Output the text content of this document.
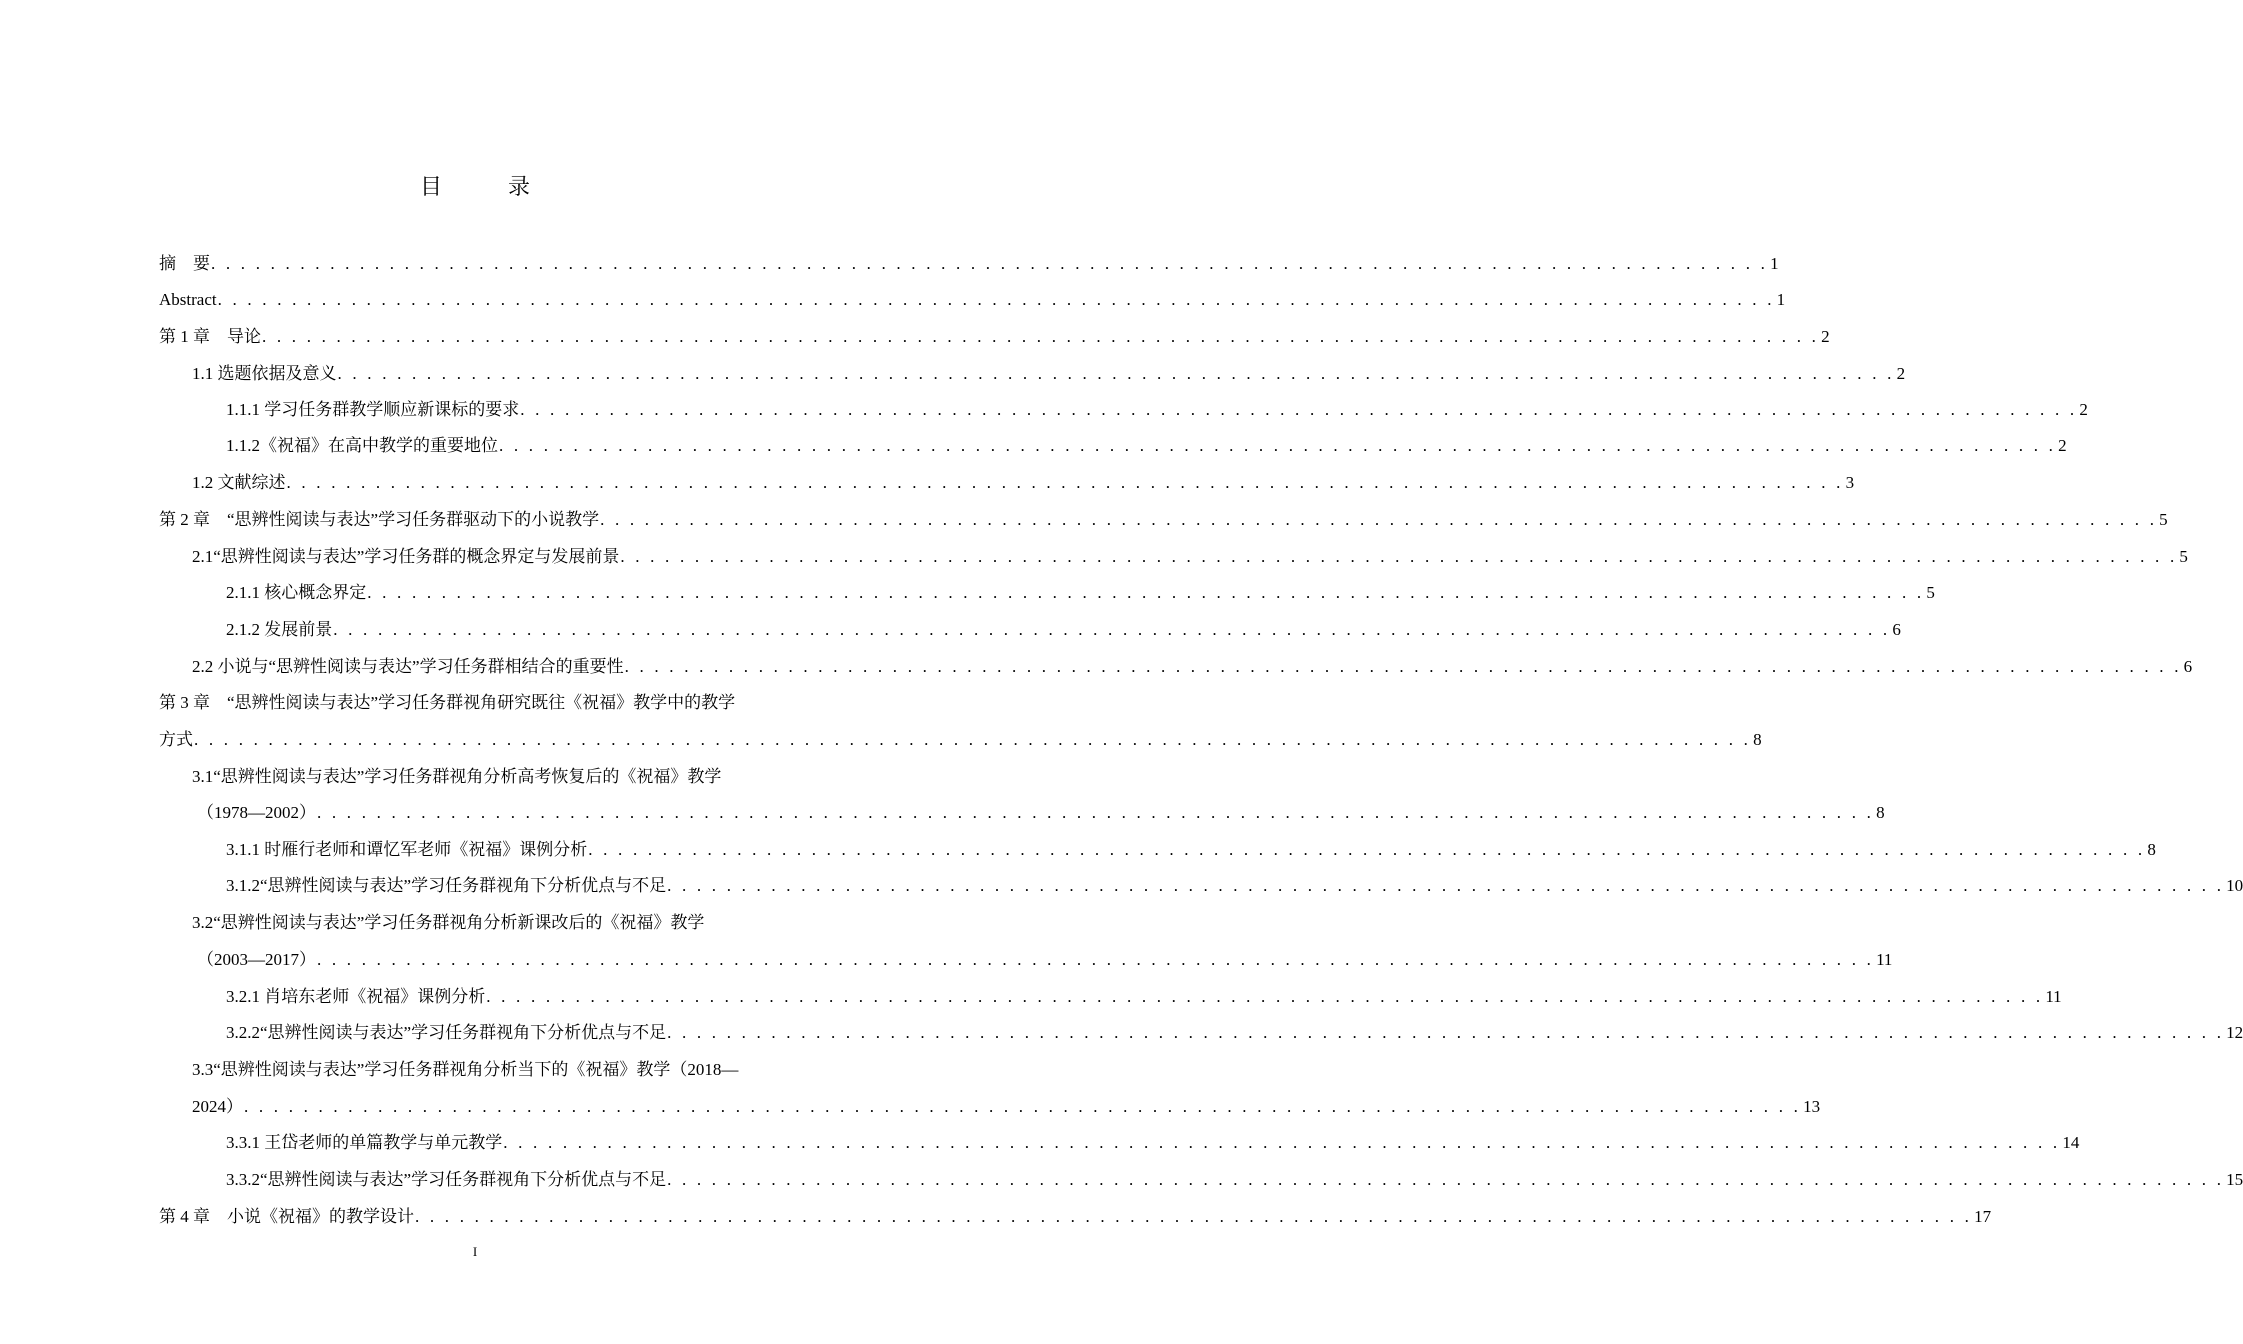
目　录
摘　要 . . . . . . . . . . . . . . . . . . . . . . . . . . . . . . . . . . . . . . . . . . . . . . . . . . . . . . . . . . . . . . . . . . . . . . . . . . . . . . . . . . . . . . . . . . . . . . . . . . . . . . . . . 1
Abstract . . . . . . . . . . . . . . . . . . . . . . . . . . . . . . . . . . . . . . . . . . . . . . . . . . . . . . . . . . . . . . . . . . . . . . . . . . . . . . . . . . . . . . . . . . . . . . . . . . . . . . . . . 1
第 1 章　导论 . . . . . . . . . . . . . . . . . . . . . . . . . . . . . . . . . . . . . . . . . . . . . . . . . . . . . . . . . . . . . . . . . . . . . . . . . . . . . . . . . . . . . . . . . . . . . . . . . . . . . . . . . 2
1.1 选题依据及意义 . . . . . . . . . . . . . . . . . . . . . . . . . . . . . . . . . . . . . . . . . . . . . . . . . . . . . . . . . . . . . . . . . . . . . . . . . . . . . . . . . . . . . . . . . . . . . . . . . . . . . . . . . 2
1.1.1 学习任务群教学顺应新课标的要求 . . . . . . . . . . . . . . . . . . . . . . . . . . . . . . . . . . . . . . . . . . . . . . . . . . . . . . . . . . . . . . . . . . . . . . . . . . . . . . . . . . . . . . . . . . . . . . . . . . . . . . . . . 2
1.1.2《祝福》在高中教学的重要地位 . . . . . . . . . . . . . . . . . . . . . . . . . . . . . . . . . . . . . . . . . . . . . . . . . . . . . . . . . . . . . . . . . . . . . . . . . . . . . . . . . . . . . . . . . . . . . . . . . . . . . . . . . 2
1.2 文献综述 . . . . . . . . . . . . . . . . . . . . . . . . . . . . . . . . . . . . . . . . . . . . . . . . . . . . . . . . . . . . . . . . . . . . . . . . . . . . . . . . . . . . . . . . . . . . . . . . . . . . . . . . . 3
第 2 章　“思辨性阅读与表达”学习任务群驱动下的小说教学 . . . . . . . . . . . . . . . . . . . . . . . . . . . . . . . . . . . . . . . . . . . . . . . . . . . . . . . . . . . . . . . . . . . . . . . . . . . . . . . . . . . . . . . . . . . . . . . . . . . . . . . . . 5
2.1“思辨性阅读与表达”学习任务群的概念界定与发展前景 . . . . . . . . . . . . . . . . . . . . . . . . . . . . . . . . . . . . . . . . . . . . . . . . . . . . . . . . . . . . . . . . . . . . . . . . . . . . . . . . . . . . . . . . . . . . . . . . . . . . . . . . . 5
2.1.1 核心概念界定 . . . . . . . . . . . . . . . . . . . . . . . . . . . . . . . . . . . . . . . . . . . . . . . . . . . . . . . . . . . . . . . . . . . . . . . . . . . . . . . . . . . . . . . . . . . . . . . . . . . . . . . . . 5
2.1.2 发展前景 . . . . . . . . . . . . . . . . . . . . . . . . . . . . . . . . . . . . . . . . . . . . . . . . . . . . . . . . . . . . . . . . . . . . . . . . . . . . . . . . . . . . . . . . . . . . . . . . . . . . . . . . . 6
2.2 小说与“思辨性阅读与表达”学习任务群相结合的重要性 . . . . . . . . . . . . . . . . . . . . . . . . . . . . . . . . . . . . . . . . . . . . . . . . . . . . . . . . . . . . . . . . . . . . . . . . . . . . . . . . . . . . . . . . . . . . . . . . . . . . . . . . . 6
第 3 章　“思辨性阅读与表达”学习任务群视角研究既往《祝福》教学中的教学
方式 . . . . . . . . . . . . . . . . . . . . . . . . . . . . . . . . . . . . . . . . . . . . . . . . . . . . . . . . . . . . . . . . . . . . . . . . . . . . . . . . . . . . . . . . . . . . . . . . . . . . . . . . . 8
3.1“思辨性阅读与表达”学习任务群视角分析高考恢复后的《祝福》教学
（1978—2002） . . . . . . . . . . . . . . . . . . . . . . . . . . . . . . . . . . . . . . . . . . . . . . . . . . . . . . . . . . . . . . . . . . . . . . . . . . . . . . . . . . . . . . . . . . . . . . . . . . . . . . . . . 8
3.1.1 时雁行老师和谭忆军老师《祝福》课例分析 . . . . . . . . . . . . . . . . . . . . . . . . . . . . . . . . . . . . . . . . . . . . . . . . . . . . . . . . . . . . . . . . . . . . . . . . . . . . . . . . . . . . . . . . . . . . . . . . . . . . . . . . . 8
3.1.2“思辨性阅读与表达”学习任务群视角下分析优点与不足 . . . . . . . . . . . . . . . . . . . . . . . . . . . . . . . . . . . . . . . . . . . . . . . . . . . . . . . . . . . . . . . . . . . . . . . . . . . . . . . . . . . . . . . . . . . . . . . . . . . . . . . . . 10
3.2“思辨性阅读与表达”学习任务群视角分析新课改后的《祝福》教学
（2003—2017） . . . . . . . . . . . . . . . . . . . . . . . . . . . . . . . . . . . . . . . . . . . . . . . . . . . . . . . . . . . . . . . . . . . . . . . . . . . . . . . . . . . . . . . . . . . . . . . . . . . . . . . . . 11
3.2.1 肖培东老师《祝福》课例分析 . . . . . . . . . . . . . . . . . . . . . . . . . . . . . . . . . . . . . . . . . . . . . . . . . . . . . . . . . . . . . . . . . . . . . . . . . . . . . . . . . . . . . . . . . . . . . . . . . . . . . . . . . 11
3.2.2“思辨性阅读与表达”学习任务群视角下分析优点与不足 . . . . . . . . . . . . . . . . . . . . . . . . . . . . . . . . . . . . . . . . . . . . . . . . . . . . . . . . . . . . . . . . . . . . . . . . . . . . . . . . . . . . . . . . . . . . . . . . . . . . . . . . . 12
3.3“思辨性阅读与表达”学习任务群视角分析当下的《祝福》教学（2018—
2024） . . . . . . . . . . . . . . . . . . . . . . . . . . . . . . . . . . . . . . . . . . . . . . . . . . . . . . . . . . . . . . . . . . . . . . . . . . . . . . . . . . . . . . . . . . . . . . . . . . . . . . . . . 13
3.3.1 王岱老师的单篇教学与单元教学 . . . . . . . . . . . . . . . . . . . . . . . . . . . . . . . . . . . . . . . . . . . . . . . . . . . . . . . . . . . . . . . . . . . . . . . . . . . . . . . . . . . . . . . . . . . . . . . . . . . . . . . . . 14
3.3.2“思辨性阅读与表达”学习任务群视角下分析优点与不足 . . . . . . . . . . . . . . . . . . . . . . . . . . . . . . . . . . . . . . . . . . . . . . . . . . . . . . . . . . . . . . . . . . . . . . . . . . . . . . . . . . . . . . . . . . . . . . . . . . . . . . . . . 15
第 4 章　小说《祝福》的教学设计 . . . . . . . . . . . . . . . . . . . . . . . . . . . . . . . . . . . . . . . . . . . . . . . . . . . . . . . . . . . . . . . . . . . . . . . . . . . . . . . . . . . . . . . . . . . . . . . . . . . . . . . . . 17
I
